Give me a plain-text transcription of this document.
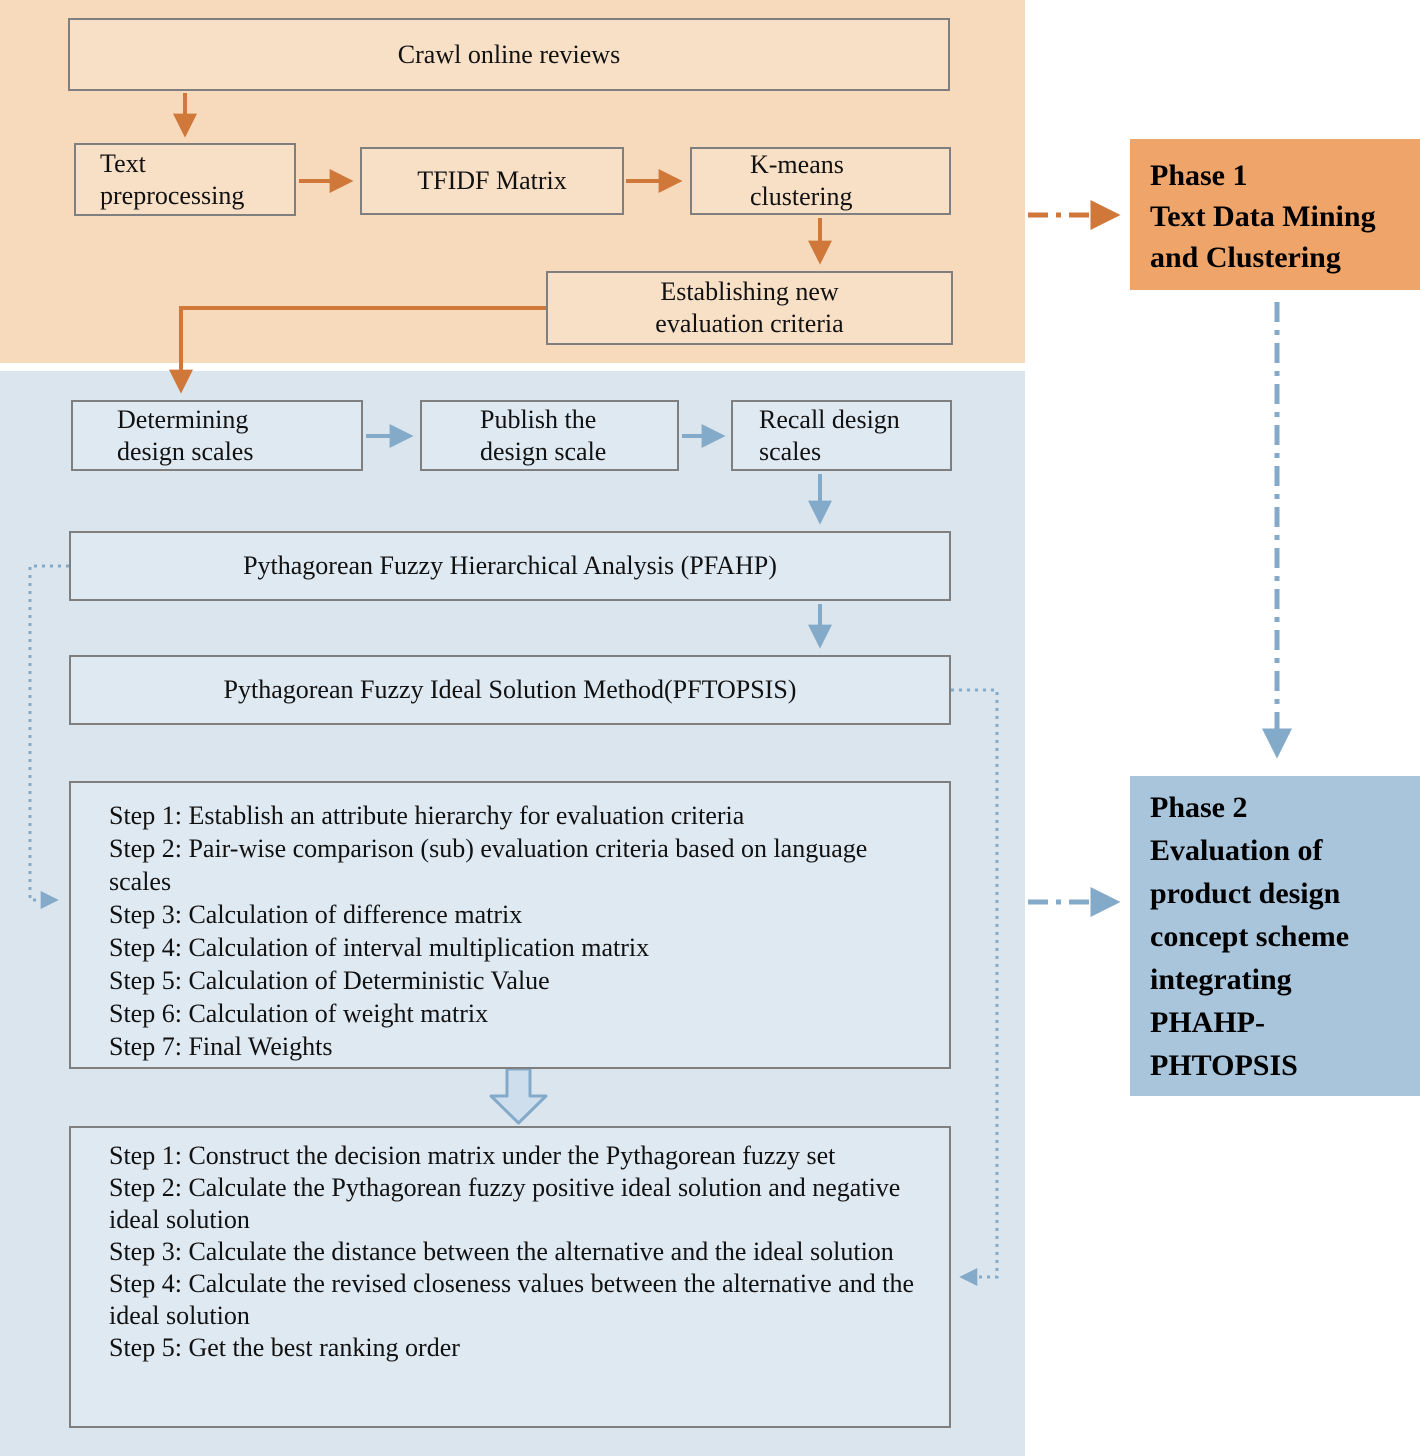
Crawl online reviews
Text
preprocessing	TFIDF Matrix
K-means
clustering
Establishing new
evaluation criteria
Phase 1
Text Data Mining
and Clustering
Determining
design scales
Publish the
design scale
Recall design
scales
Pythagorean Fuzzy Hierarchical Analysis (PFAHP)
Pythagorean Fuzzy Ideal Solution Method(PFTOPSIS)
Step 1: Establish an attribute hierarchy for evaluation criteria
Step 2: Pair-wise comparison (sub) evaluation criteria based on language scales
Step 3: Calculation of difference matrix
Step 4: Calculation of interval multiplication matrix
Step 5: Calculation of Deterministic Value
Step 6: Calculation of weight matrix
Step 7: Final Weights
Step 1: Construct the decision matrix under the Pythagorean fuzzy set
Step 2: Calculate the Pythagorean fuzzy positive ideal solution and negative ideal solution
Step 3: Calculate the distance between the alternative and the ideal solution
Step 4: Calculate the revised closeness values between the alternative and the ideal solution
Step 5: Get the best ranking order
Phase 2
Evaluation of
product design
concept scheme
integrating
PHAHP-
PHTOPSIS
